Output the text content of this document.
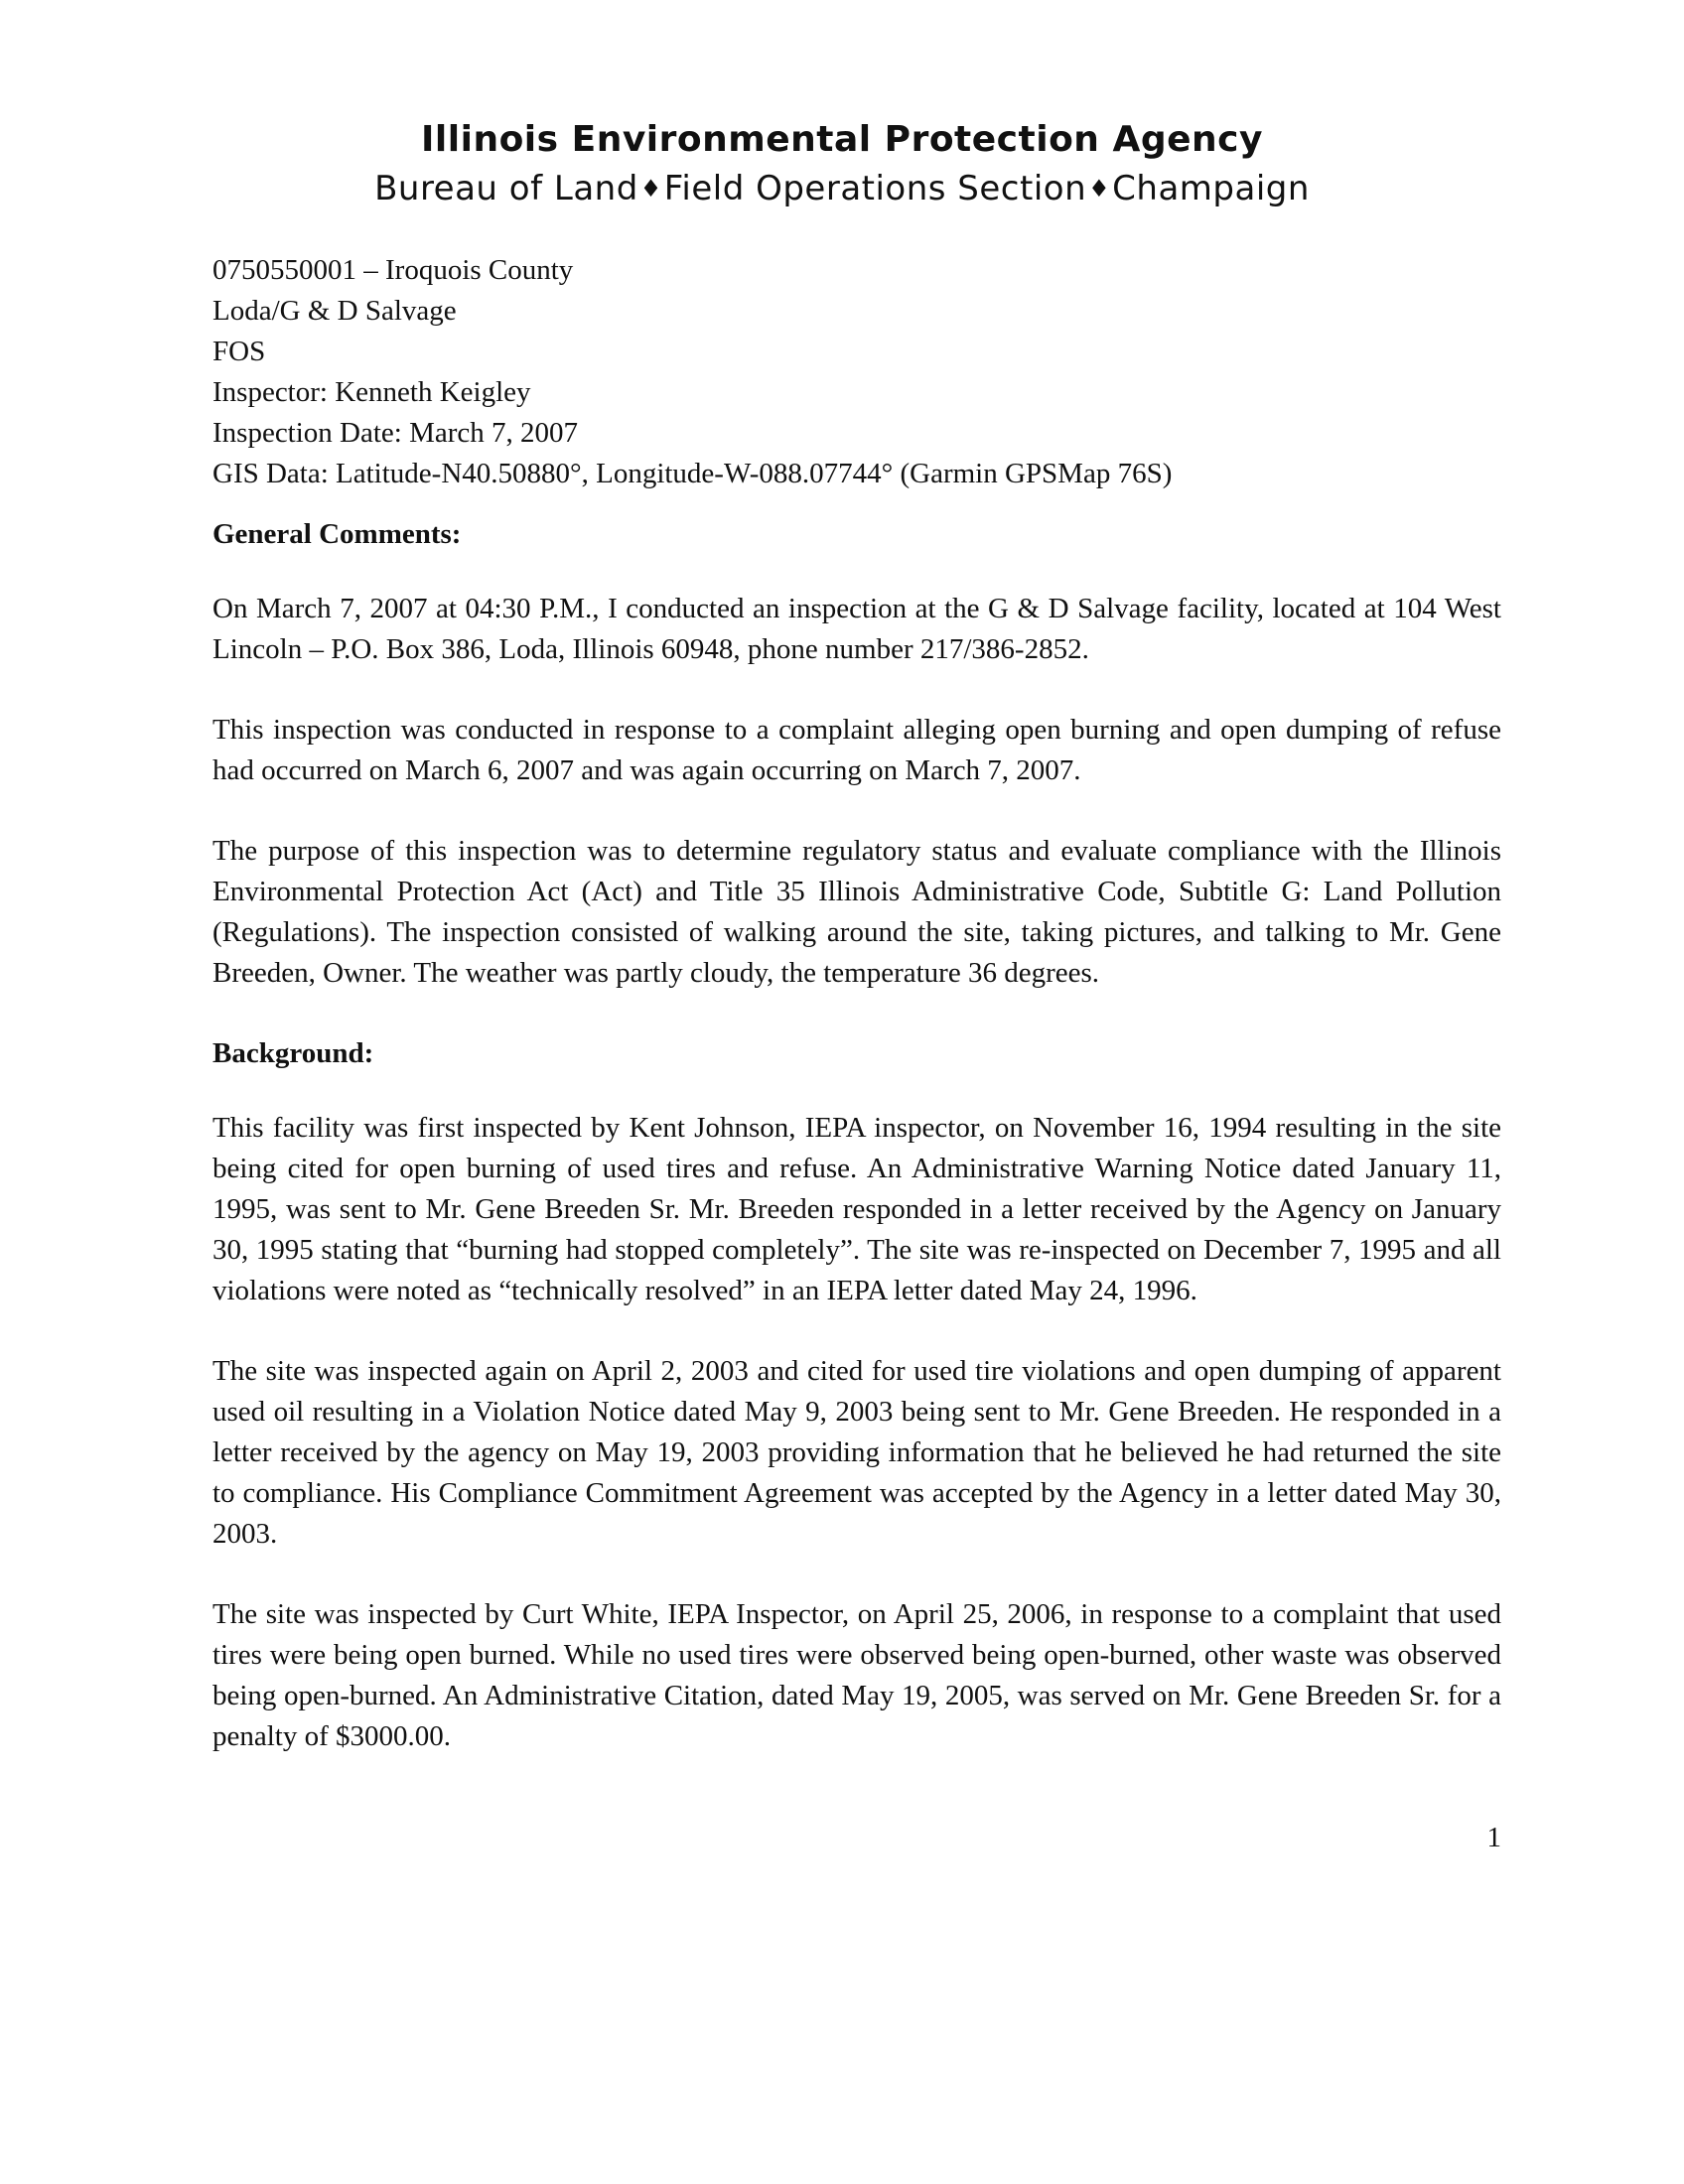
Illinois Environmental Protection Agency
Bureau of Land♦Field Operations Section♦Champaign

0750550001 – Iroquois County

Loda/G & D Salvage

FOS

Inspector: Kenneth Keigley

Inspection Date: March 7, 2007

GIS Data: Latitude-N40.50880°, Longitude-W-088.07744° (Garmin GPSMap 76S)

General Comments:

On March 7, 2007 at 04:30 P.M., I conducted an inspection at the G & D Salvage facility, located at 104 West Lincoln – P.O. Box 386, Loda, Illinois 60948, phone number 217/386-2852.

This inspection was conducted in response to a complaint alleging open burning and open dumping of refuse had occurred on March 6, 2007 and was again occurring on March 7, 2007.

The purpose of this inspection was to determine regulatory status and evaluate compliance with the Illinois Environmental Protection Act (Act) and Title 35 Illinois Administrative Code, Subtitle G: Land Pollution (Regulations). The inspection consisted of walking around the site, taking pictures, and talking to Mr. Gene Breeden, Owner. The weather was partly cloudy, the temperature 36 degrees.

Background:

This facility was first inspected by Kent Johnson, IEPA inspector, on November 16, 1994 resulting in the site being cited for open burning of used tires and refuse. An Administrative Warning Notice dated January 11, 1995, was sent to Mr. Gene Breeden Sr. Mr. Breeden responded in a letter received by the Agency on January 30, 1995 stating that “burning had stopped completely”. The site was re-inspected on December 7, 1995 and all violations were noted as “technically resolved” in an IEPA letter dated May 24, 1996.

The site was inspected again on April 2, 2003 and cited for used tire violations and open dumping of apparent used oil resulting in a Violation Notice dated May 9, 2003 being sent to Mr. Gene Breeden. He responded in a letter received by the agency on May 19, 2003 providing information that he believed he had returned the site to compliance. His Compliance Commitment Agreement was accepted by the Agency in a letter dated May 30, 2003.

The site was inspected by Curt White, IEPA Inspector, on April 25, 2006, in response to a complaint that used tires were being open burned. While no used tires were observed being open-burned, other waste was observed being open-burned. An Administrative Citation, dated May 19, 2005, was served on Mr. Gene Breeden Sr. for a penalty of $3000.00.

1
